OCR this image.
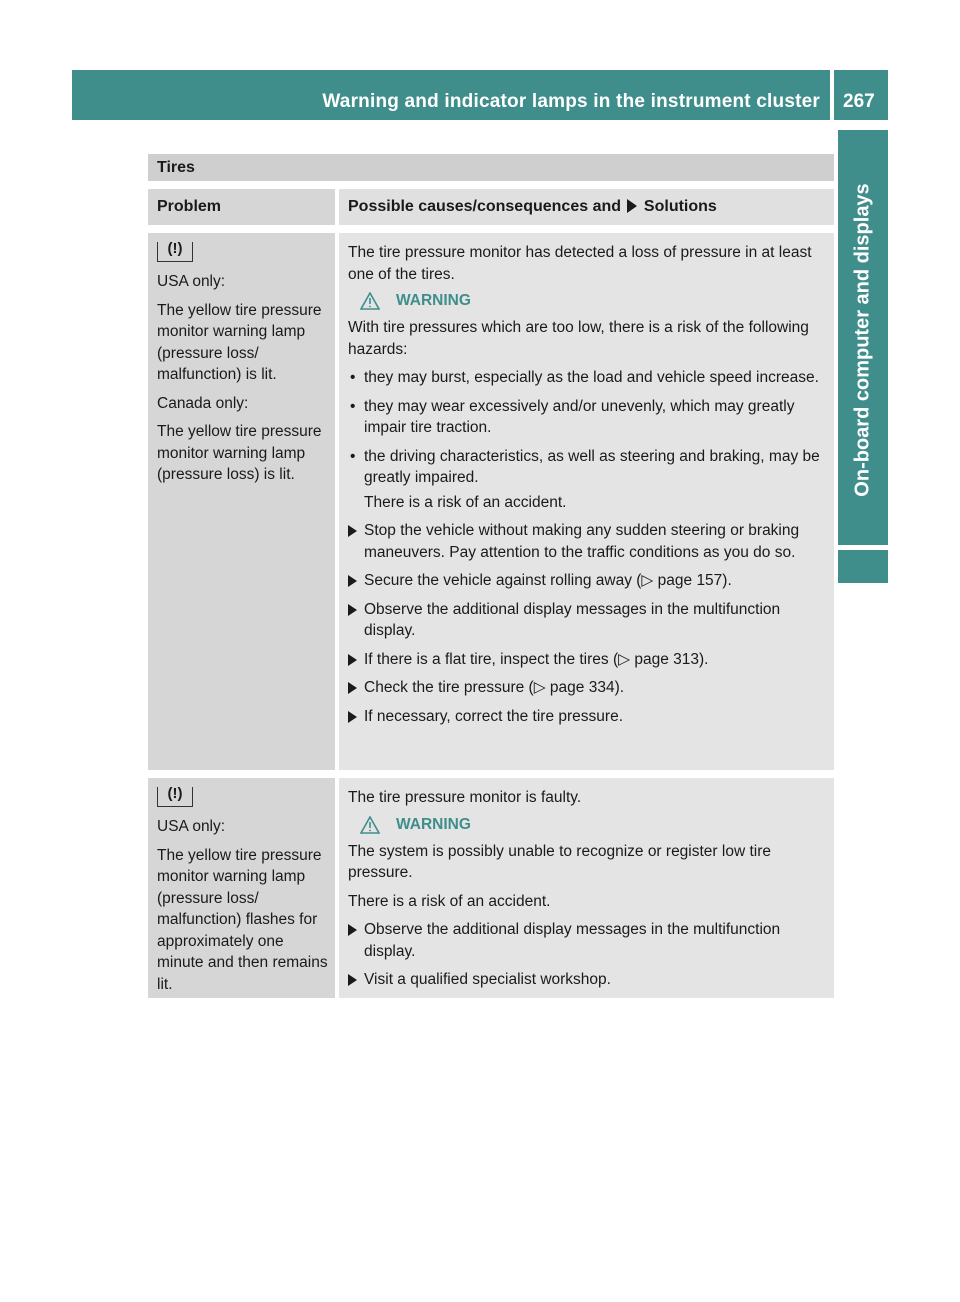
Warning and indicator lamps in the instrument cluster 267
On-board computer and displays
Tires
Problem	Possible causes/consequences and Solutions
(!)

USA only:

The yellow tire pressure monitor warning lamp (pressure loss/ malfunction) is lit.

Canada only:

The yellow tire pressure monitor warning lamp (pressure loss) is lit.

The tire pressure monitor has detected a loss of pressure in at least one of the tires.

WARNING

With tire pressures which are too low, there is a risk of the following hazards:

• they may burst, especially as the load and vehicle speed increase.

• they may wear excessively and/or unevenly, which may greatly impair tire traction.

• the driving characteristics, as well as steering and braking, may be greatly impaired.

There is a risk of an accident.

Stop the vehicle without making any sudden steering or braking maneuvers. Pay attention to the traffic conditions as you do so.

Secure the vehicle against rolling away (▷ page 157).

Observe the additional display messages in the multifunction display.

If there is a flat tire, inspect the tires (▷ page 313).

Check the tire pressure (▷ page 334).

If necessary, correct the tire pressure.

(!)

USA only:

The yellow tire pressure monitor warning lamp (pressure loss/ malfunction) flashes for approximately one minute and then remains lit.

The tire pressure monitor is faulty.

WARNING

The system is possibly unable to recognize or register low tire pressure.

There is a risk of an accident.

Observe the additional display messages in the multifunction display.

Visit a qualified specialist workshop.
